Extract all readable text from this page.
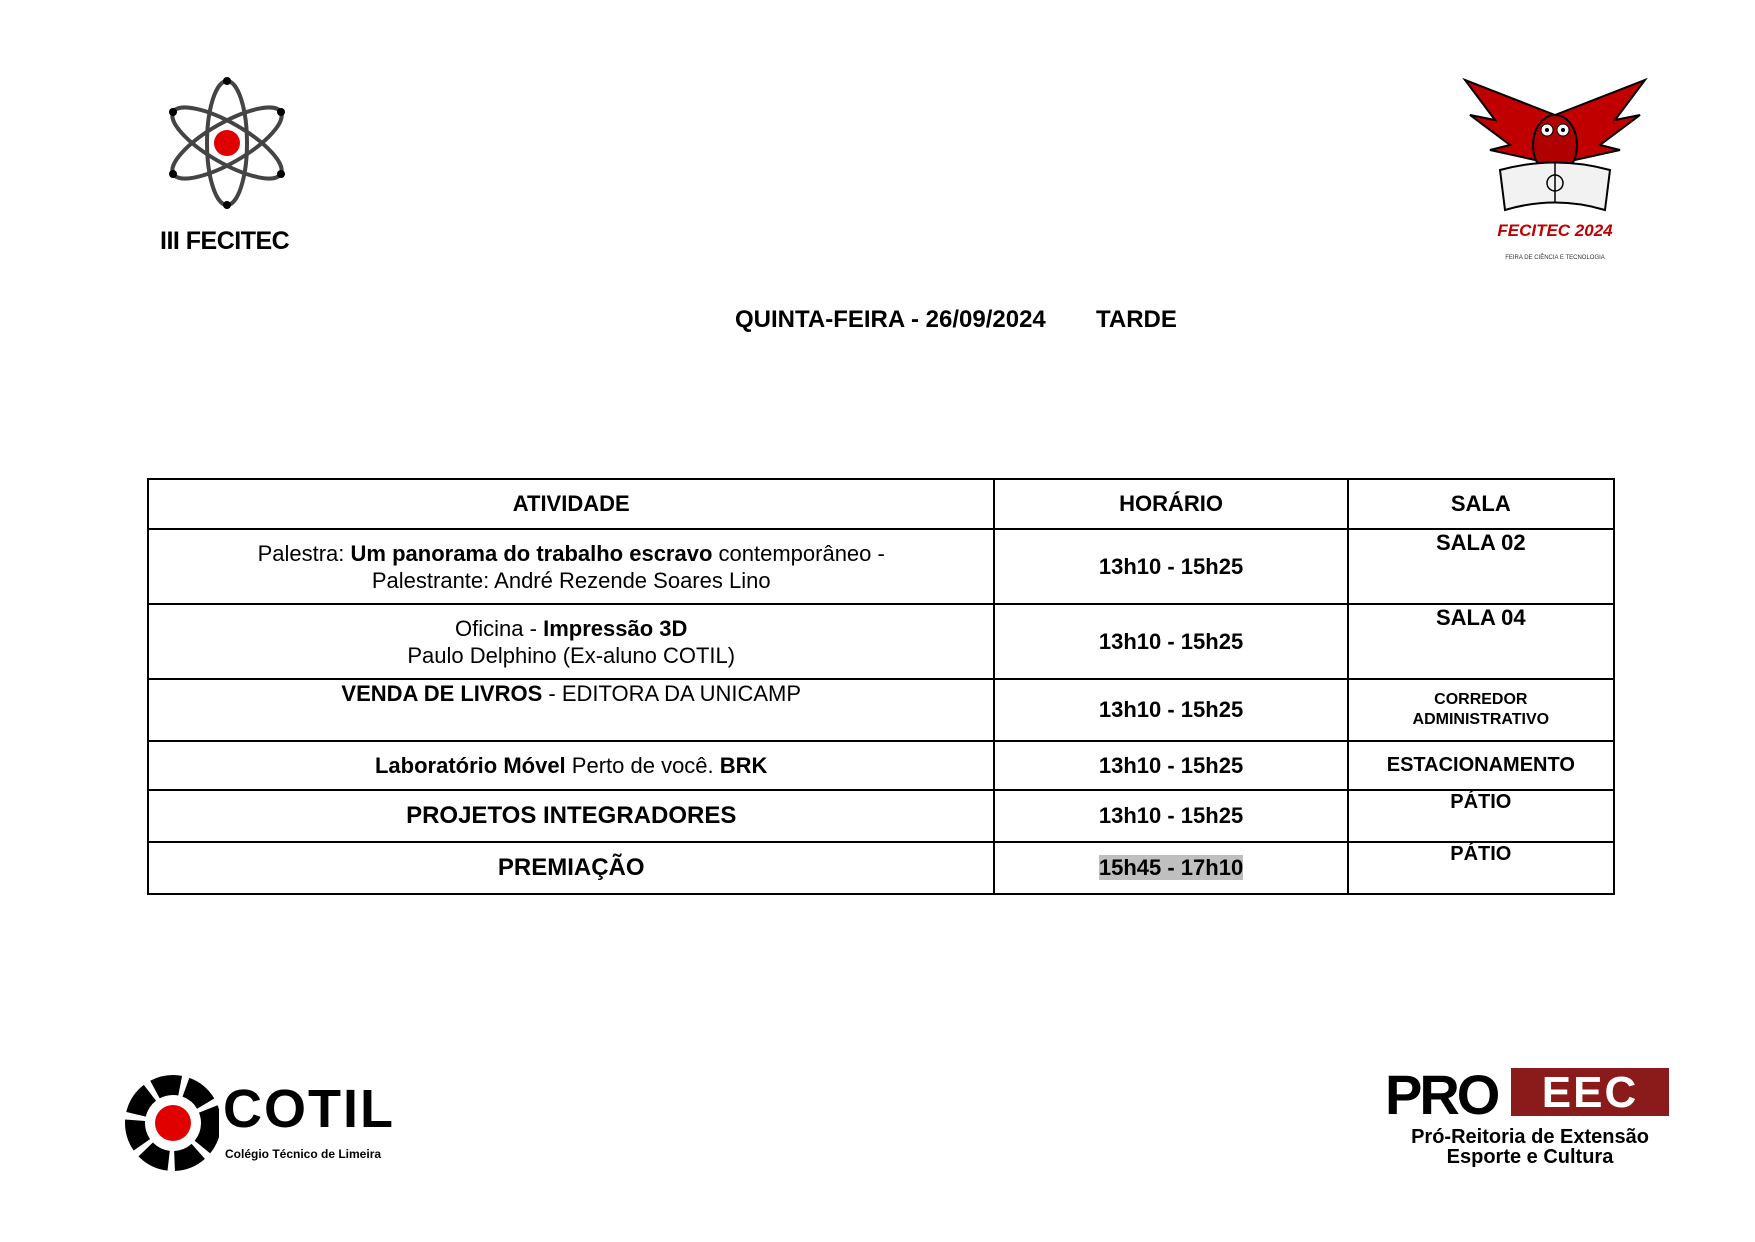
III FECITEC	FECITEC 2024
FEIRA DE CIÊNCIA E TECNOLOGIA
QUINTA-FEIRA - 26/09/2024 TARDE
ATIVIDADE	HORÁRIO	SALA
Palestra: Um panorama do trabalho escravo contemporâneo -
Palestrante: André Rezende Soares Lino	13h10 - 15h25	SALA 02
Oficina - Impressão 3D
Paulo Delphino (Ex-aluno COTIL)	13h10 - 15h25	SALA 04
VENDA DE LIVROS - EDITORA DA UNICAMP	13h10 - 15h25	CORREDOR
ADMINISTRATIVO
Laboratório Móvel Perto de você. BRK	13h10 - 15h25	ESTACIONAMENTO
PROJETOS INTEGRADORES	13h10 - 15h25	PÁTIO
PREMIAÇÃO	15h45 - 17h10	PÁTIO
COTIL
Colégio Técnico de Limeira
PRO	EEC
Pró-Reitoria de Extensão
Esporte e Cultura
